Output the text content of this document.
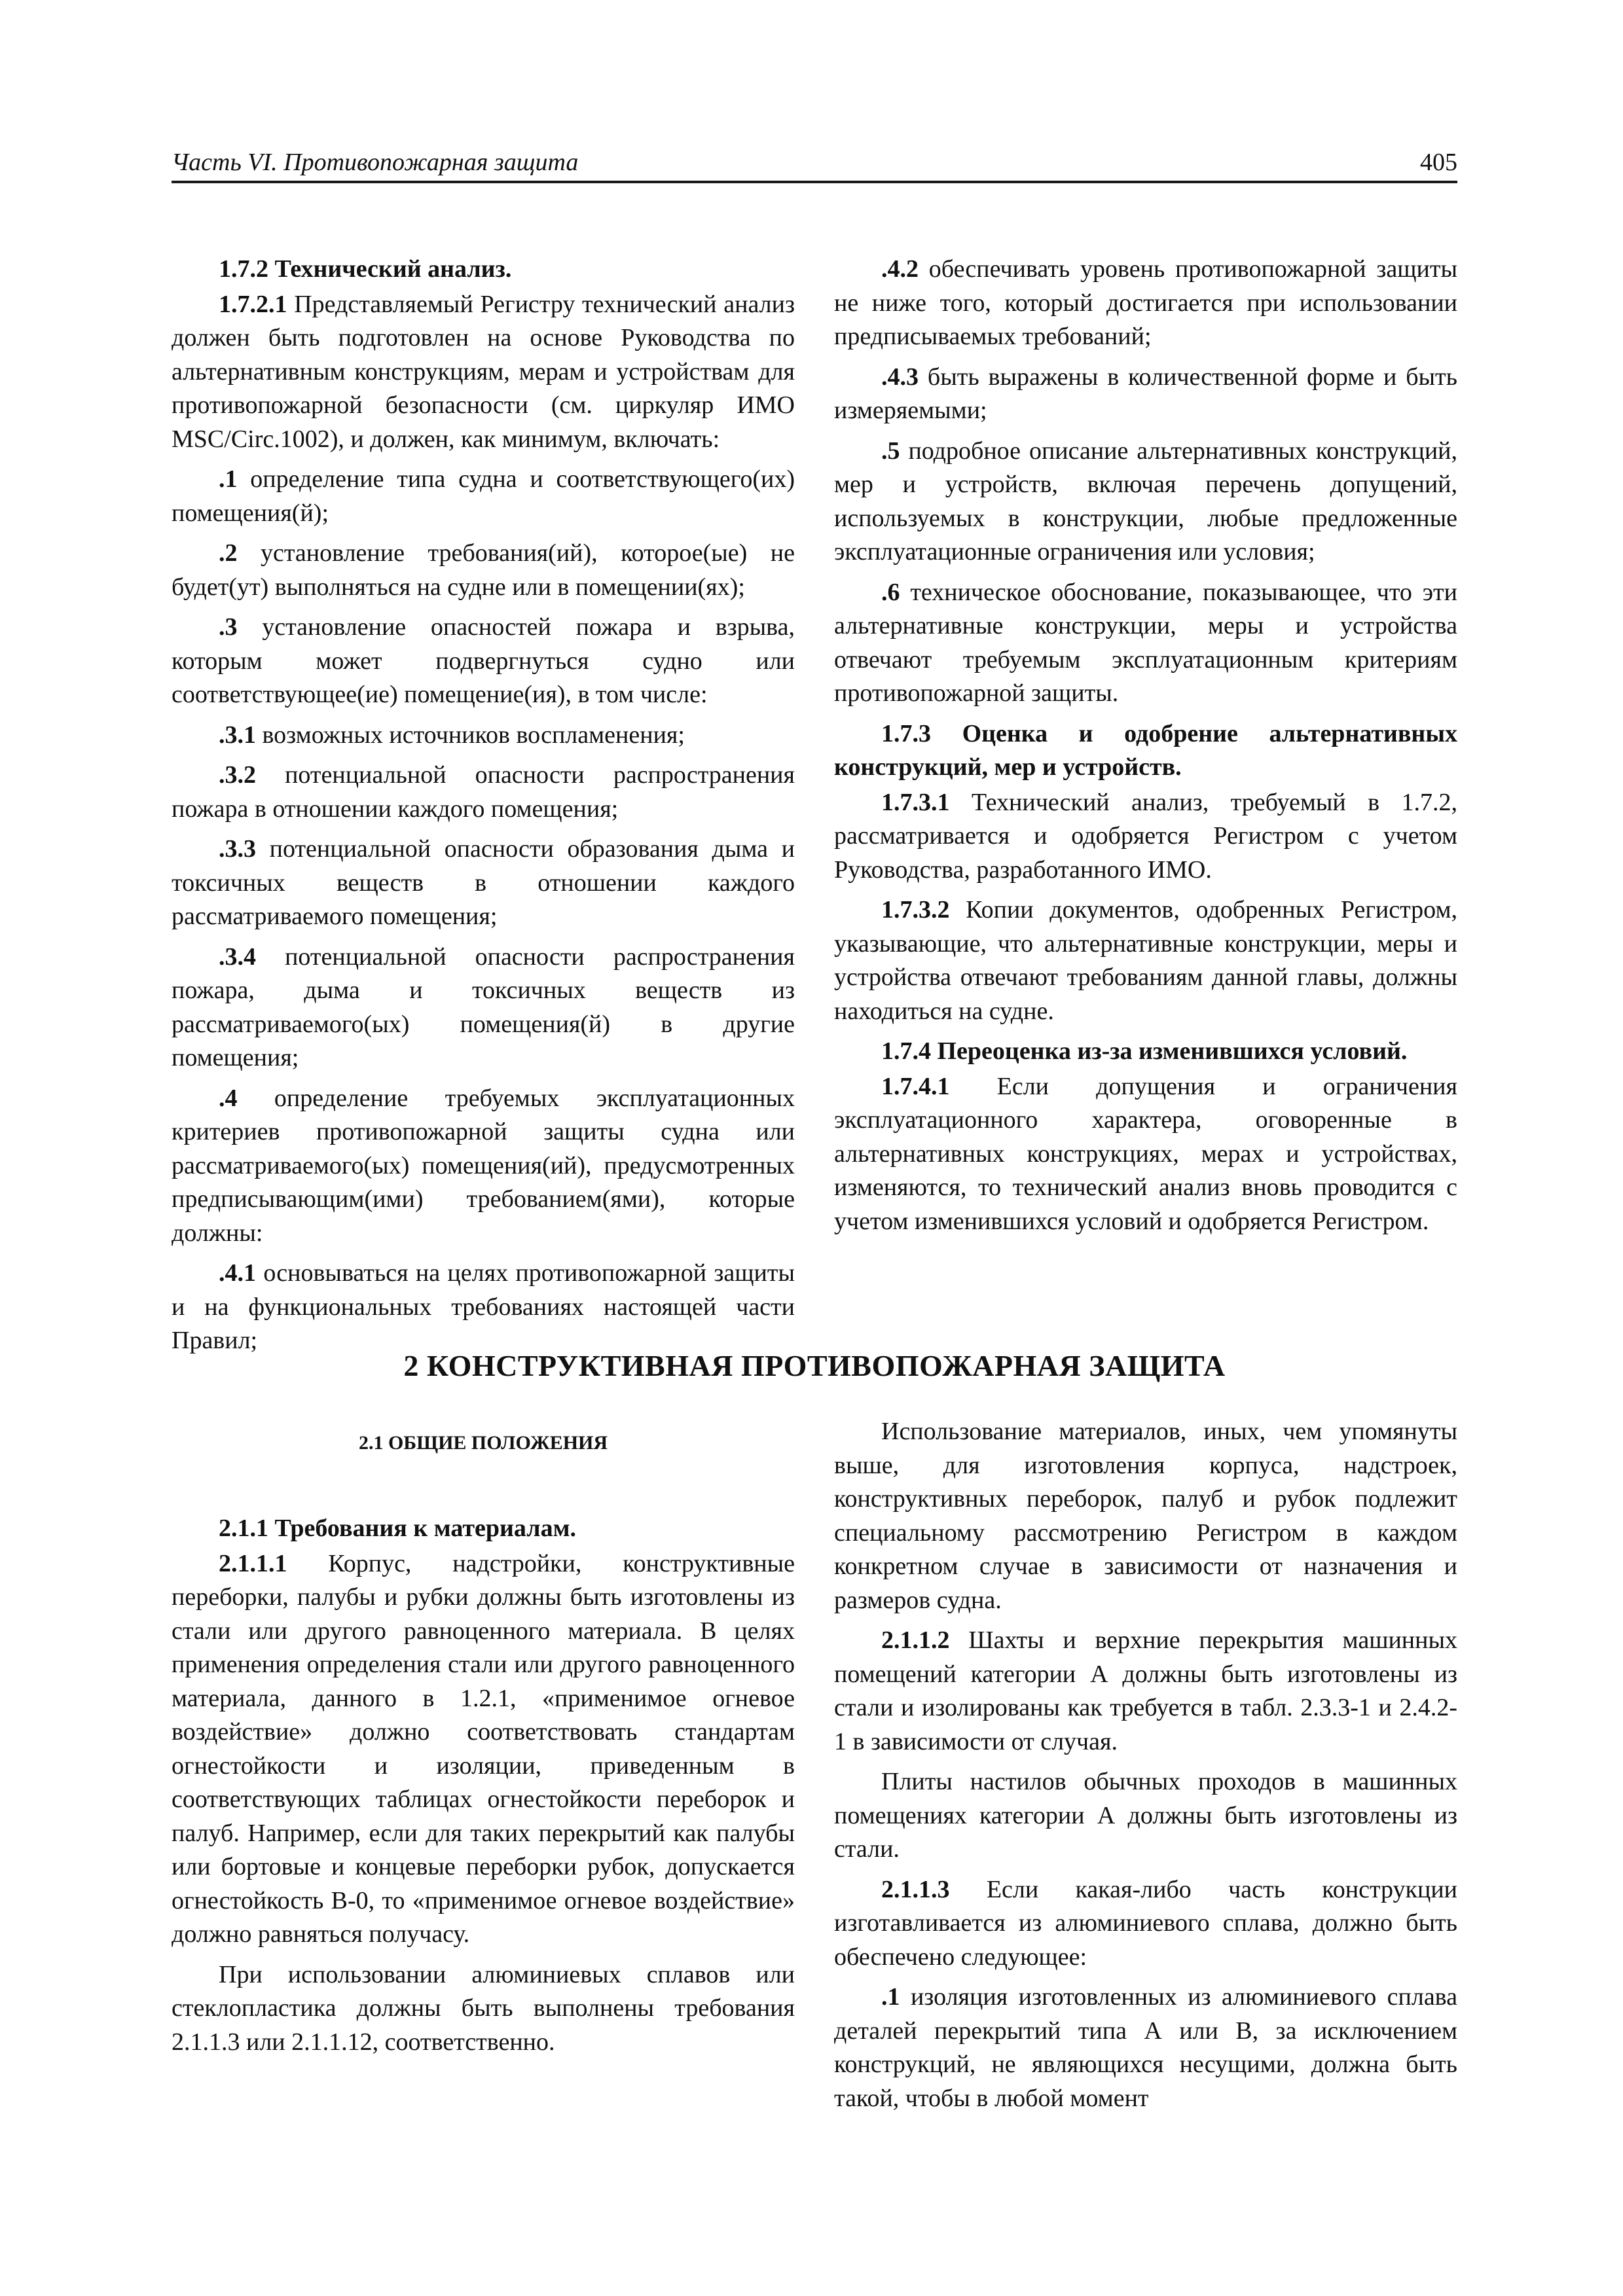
Часть VI. Противопожарная защита	405

1.7.2 Технический анализ.

1.7.2.1 Представляемый Регистру технический анализ должен быть подготовлен на основе Руководства по альтернативным конструкциям, мерам и устройствам для противопожарной безопасности (см. циркуляр ИМО MSC/Circ.1002), и должен, как минимум, включать:

.1 определение типа судна и соответствующего(их) помещения(й);

.2 установление требования(ий), которое(ые) не будет(ут) выполняться на судне или в помещении(ях);

.3 установление опасностей пожара и взрыва, которым может подвергнуться судно или соответствующее(ие) помещение(ия), в том числе:

.3.1 возможных источников воспламенения;

.3.2 потенциальной опасности распространения пожара в отношении каждого помещения;

.3.3 потенциальной опасности образования дыма и токсичных веществ в отношении каждого рассматриваемого помещения;

.3.4 потенциальной опасности распространения пожара, дыма и токсичных веществ из рассматриваемого(ых) помещения(й) в другие помещения;

.4 определение требуемых эксплуатационных критериев противопожарной защиты судна или рассматриваемого(ых) помещения(ий), предусмотренных предписывающим(ими) требованием(ями), которые должны:

.4.1 основываться на целях противопожарной защиты и на функциональных требованиях настоящей части Правил;

.4.2 обеспечивать уровень противопожарной защиты не ниже того, который достигается при использовании предписываемых требований;

.4.3 быть выражены в количественной форме и быть измеряемыми;

.5 подробное описание альтернативных конструкций, мер и устройств, включая перечень допущений, используемых в конструкции, любые предложенные эксплуатационные ограничения или условия;

.6 техническое обоснование, показывающее, что эти альтернативные конструкции, меры и устройства отвечают требуемым эксплуатационным критериям противопожарной защиты.

1.7.3 Оценка и одобрение альтернативных конструкций, мер и устройств.

1.7.3.1 Технический анализ, требуемый в 1.7.2, рассматривается и одобряется Регистром с учетом Руководства, разработанного ИМО.

1.7.3.2 Копии документов, одобренных Регистром, указывающие, что альтернативные конструкции, меры и устройства отвечают требованиям данной главы, должны находиться на судне.

1.7.4 Переоценка из-за изменившихся условий.

1.7.4.1 Если допущения и ограничения эксплуатационного характера, оговоренные в альтернативных конструкциях, мерах и устройствах, изменяются, то технический анализ вновь проводится с учетом изменившихся условий и одобряется Регистром.

2 КОНСТРУКТИВНАЯ ПРОТИВОПОЖАРНАЯ ЗАЩИТА
2.1 ОБЩИЕ ПОЛОЖЕНИЯ

2.1.1 Требования к материалам.

2.1.1.1 Корпус, надстройки, конструктивные переборки, палубы и рубки должны быть изготовлены из стали или другого равноценного материала. В целях применения определения стали или другого равноценного материала, данного в 1.2.1, «применимое огневое воздействие» должно соответствовать стандартам огнестойкости и изоляции, приведенным в соответствующих таблицах огнестойкости переборок и палуб. Например, если для таких перекрытий как палубы или бортовые и концевые переборки рубок, допускается огнестойкость В-0, то «применимое огневое воздействие» должно равняться получасу.

При использовании алюминиевых сплавов или стеклопластика должны быть выполнены требования 2.1.1.3 или 2.1.1.12, соответственно.

Использование материалов, иных, чем упомянуты выше, для изготовления корпуса, надстроек, конструктивных переборок, палуб и рубок подлежит специальному рассмотрению Регистром в каждом конкретном случае в зависимости от назначения и размеров судна.

2.1.1.2 Шахты и верхние перекрытия машинных помещений категории А должны быть изготовлены из стали и изолированы как требуется в табл. 2.3.3-1 и 2.4.2-1 в зависимости от случая.

Плиты настилов обычных проходов в машинных помещениях категории А должны быть изготовлены из стали.

2.1.1.3 Если какая-либо часть конструкции изготавливается из алюминиевого сплава, должно быть обеспечено следующее:

.1 изоляция изготовленных из алюминиевого сплава деталей перекрытий типа А или В, за исключением конструкций, не являющихся несущими, должна быть такой, чтобы в любой момент
